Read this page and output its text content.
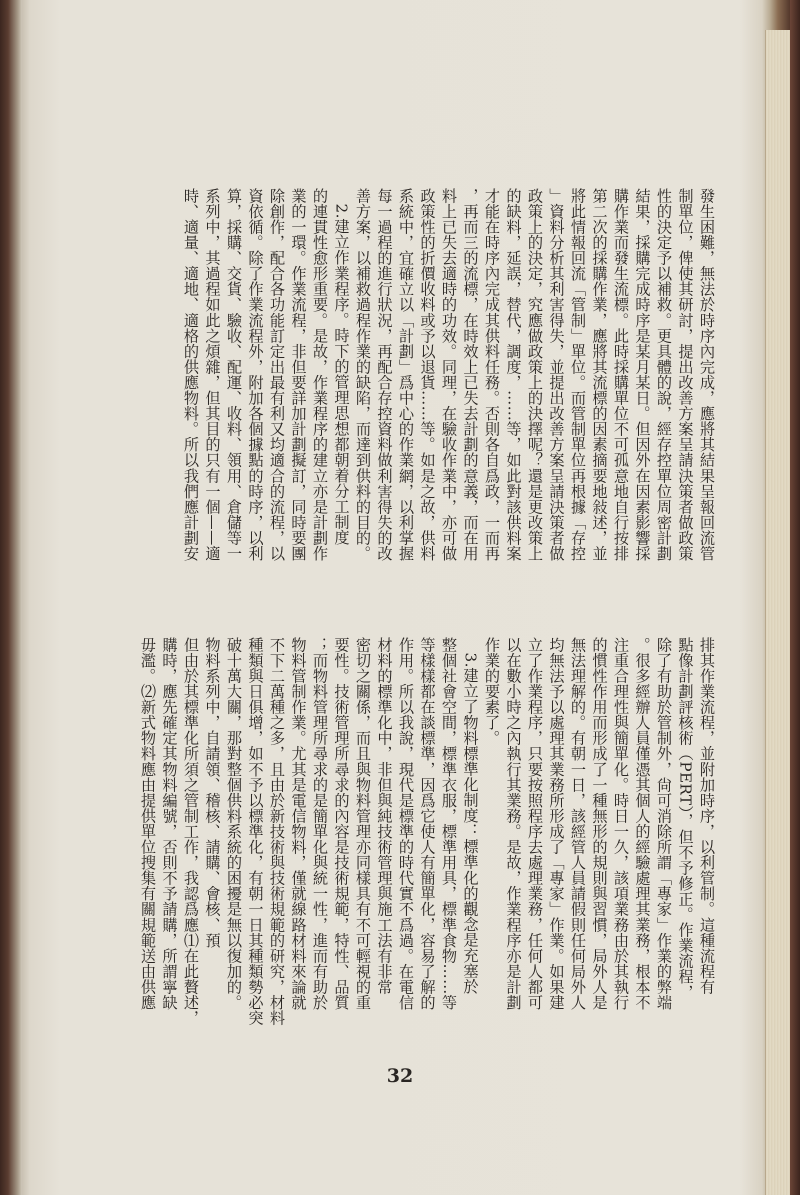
發生困難，無法於時序內完成，應將其結果呈報回流管
制單位，俾使其研討，提出改善方案呈請決策者做政策
性的決定予以補救。更具體的說，經存控單位周密計劃
結果，採購完成時序是某月某日。但因外在因素影響採
購作業而發生流標。此時採購單位不可孤意地自行按排
第二次的採購作業，應將其流標的因素摘要地敍述，並
將此情報回流「管制」單位。而管制單位再根據「存控
」資料分析其利害得失，並提出改善方案呈請決策者做
政策上的決定，究應做政策上的決擇呢？還是更改策上
的缺料，延誤，替代，調度，……等，如此對該供料案
才能在時序內完成其供料任務。否則各自爲政，一而再
，再而三的流標，在時效上已失去計劃的意義，而在用
料上已失去適時的功效。同理，在驗收作業中，亦可做
政策性的折價收料或予以退貨……等。如是之故，供料
系統中，宜確立以「計劃」爲中心的作業網，以利掌握
每一過程的進行狀況，再配合存控資料做利害得失的改
善方案，以補救過程作業的缺陷，而達到供料的目的。
　2.建立作業程序。時下的管理思想都朝着分工制度
的連貫性愈形重要。是故，作業程序的建立亦是計劃作
業的一環。作業流程，非但要詳加計劃擬訂，同時要團
除創作，配合各功能訂定出最有利又均適合的流程，以
資依循。除了作業流程外，附加各個據點的時序，以利
算，採購、交貨、驗收、配運、收料、領用、倉儲等一
系列中，其過程如此之煩雜，但其目的只有一個——適
時、適量、適地、適格的供應物料。所以我們應計劃安
排其作業流程，並附加時序，以利管制。這種流程有
點像計劃評核術（PERT），但不予修正。作業流程，
除了有助於管制外，尙可消除所謂「專家」作業的弊端
。很多經辦人員僅憑其個人的經驗處理其業務，根本不
注重合理性與簡單化。時日一久，該項業務由於其執行
的慣性作用而形成了一種無形的規則與習慣，局外人是
無法理解的。有朝一日，該經管人員請假則任何局外人
均無法予以處理其業務所形成了「專家」作業。如果建
立了作業程序，只要按照程序去處理業務，任何人都可
以在數小時之內執行其業務。是故，作業程序亦是計劃
作業的要素了。
　3.建立了物料標準化制度：標準化的觀念是充塞於
整個社會空間，標準衣服，標準用具，標準食物……等
等樣樣都在談標準，因爲它使人有簡單化，容易了解的
作用。所以我說，現代是標準的時代實不爲過。在電信
材料的標準化中，非但與純技術管理與施工法有非常
密切之關係，而且與物料管理亦同樣具有不可輕視的重
要性。技術管理所尋求的內容是技術規範，特性、品質
；而物料管理所尋求的是簡單化與統一性，進而有助於
物料管制作業。尤其是電信物料，僅就線路材料來論就
不下二萬種之多，且由於新技術與技術規範的研究，材料
種類與日俱增，如不予以標準化，有朝一日其種類勢必突
破十萬大關，那對整個供料系統的困擾是無以復加的。
物料系列中，自請領、稽核、請購、會核、預
但由於其標準化所須之管制工作，我認爲應⑴在此贅述，
購時，應先確定其物料編號，否則不予請購，所謂寧缺
毋濫。⑵新式物料應由提供單位搜集有關規範送由供應
32
